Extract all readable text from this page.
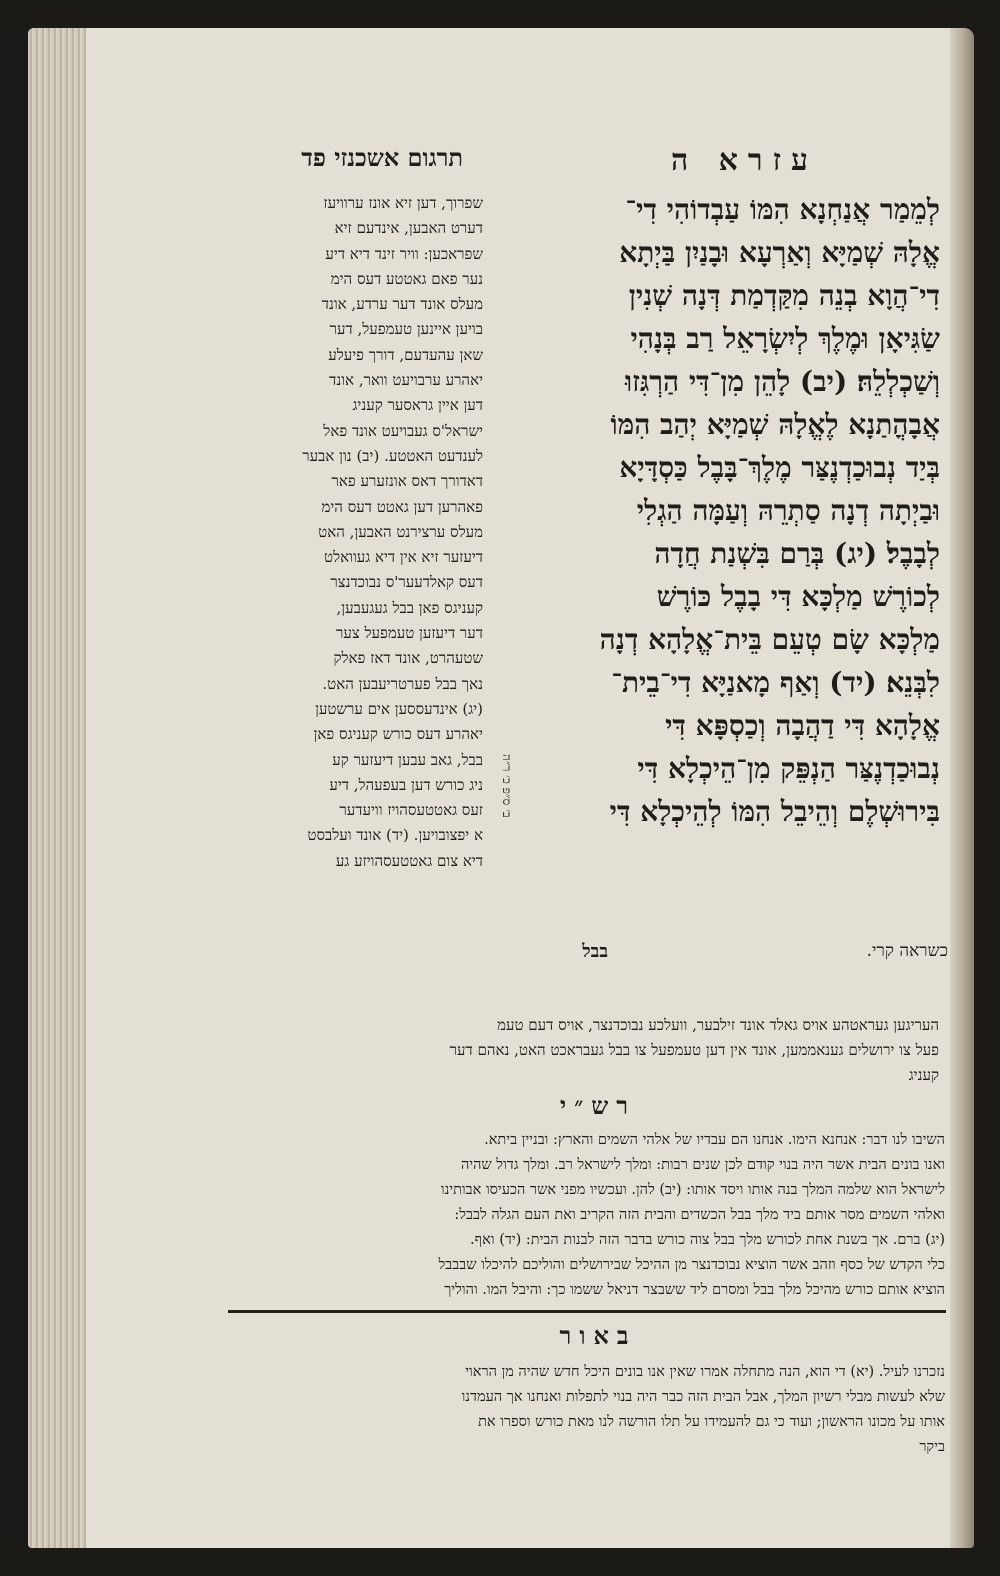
עזרא ה
תרגום אשכנזי פד
לְמֵמַר אֲנַחְנָא הִמּוֹ עַבְדוֹהִי דִי־
אֱלָהּ שְׁמַיָּא וְאַרְעָא וּבָנַיִן בַּיְתָא
דִי־הֲוָא בְנֵה מִקַּדְמַת דְּנָה שְׁנִין
שַׂגִּיאָן וּמֶלֶךְ לְיִשְׂרָאֵל רַב בְּנָהִי
וְשַׁכְלְלֵהּ׃ (יב) לָהֵן מִן־דִּי הַרְגִּזוּ
אֲבָהֳתַנָא לֶאֱלָהּ שְׁמַיָּא יְהַב הִמּוֹ
בְּיַד נְבוּכַדְנֶצַּר מֶלֶךְ־בָּבֶל כַּסְדָּיָא
וּבַיְתָה דְנָה סַתְרֵהּ וְעַמָּה הַגְלִי
לְבָבֶל׃ (יג) בְּרַם בִּשְׁנַת חֲדָה
לְכוֹרֶשׁ מַלְכָּא דִּי בָבֶל כּוֹרֶשׁ
מַלְכָּא שָׂם טְעֵם בֵּית־אֱלָהָא דְנָה
לִבְּנֵא׃ (יד) וְאַף מָאנַיָּא דִי־בֵית־
אֱלָהָא דִּי דַהֲבָה וְכַסְפָּא דִּי
נְבוּכַדְנֶצַּר הַנְפֵּק מִן־הֵיכְלָא דִּי
בִּירוּשְׁלֶם וְהֵיבֵל הִמּוֹ לְהֵיכְלָא דִּי
שפרוך, דען זיא אונז ערוויעז
דערט האבען, אינדעם זיא
שפראכען: וויר זינד דיא דיע
נער פאם גאטטע דעס הימ
מעלס אונד דער ערדע, אונד
בויען איינען טעמפעל, דער
שאן עהעדעם, דורך פיעלע
יאהרע ערבויעט וואר, אונד
דען איין גראסער קעניג
ישראל'ס געבויעט אונד פאל
לענדעט האטטע. (יב) נון אבער
דאדורך דאס אונזערע פאר
פאהרען דען גאטט דעס הימ
מעלס ערצירנט האבען, האט
דיעזער זיא אין דיא געוואלט
דעס קאלדעער'ס נבוכדנצר
קעניגס פאן בבל געגעבען,
דער דיעזען טעמפעל צער
שטעהרט, אונד דאז פאלק
נאך בבל פערטריעבען האט.
(יג) אינדעססען אים ערשטען
יאהרע דעס כורש קעניגס פאן
בבל, גאב עבען דיעזער קע
ניג כורש דען בעפעהל, דיע
זעס גאטטעסהויז וויעדער
א יפצובויען. (יד) אונד ועלבסט
דיא צום גאטטעסהויזע גע
ב׳ ס״פ כ׳ ר״ה
כשראה קרי.
בבל
העריגען געראטהע אויס גאלד אונד זילבער, וועלכע נבוכדנצר, אויס דעם טעמ
פעל צו ירושלים גענאממען, אונד אין דען טעמפעל צו בבל געבראכט האט, נאהם דער
קעניג
רש״י
השיבו לנו דבר: אנחנא הימו. אנחנו הם עבדיו של אלהי השמים והארץ: ובניין ביתא.
ואנו בונים הבית אשר היה בנוי קודם לכן שנים רבות: ומלך לישראל רב. ומלך גדול שהיה
לישראל הוא שלמה המלך בנה אותו ויסד אותו: (יב) להן. ועכשיו מפני אשר הכעיסו אבותינו
ואלהי השמים מסר אותם ביד מלך בבל הכשדים והבית הזה הקריב ואת העם הגלה לבבל:
(יג) ברם. אך בשנת אחת לכורש מלך בבל צוה כורש בדבר הזה לבנות הבית: (יד) ואף.
כלי הקדש של כסף וזהב אשר הוציא נבוכדנצר מן ההיכל שבירושלים והוליכם להיכלו שבבבל
הוציא אותם כורש מהיכל מלך בבל ומסרם ליד ששבצר דניאל ששמו כך: והיבל המו. והוליך
באור
נזכרנו לעיל. (יא) די הוא, הנה מתחלה אמרו שאין אנו בונים היכל חדש שהיה מן הראוי
שלא לעשות מבלי רשיון המלך, אבל הבית הזה כבר היה בנוי לתפלות ואנחנו אך העמדנו
אותו על מכונו הראשון; ועוד כי גם להעמידו על תלו הורשה לנו מאת כורש וספרו את
ביקר
